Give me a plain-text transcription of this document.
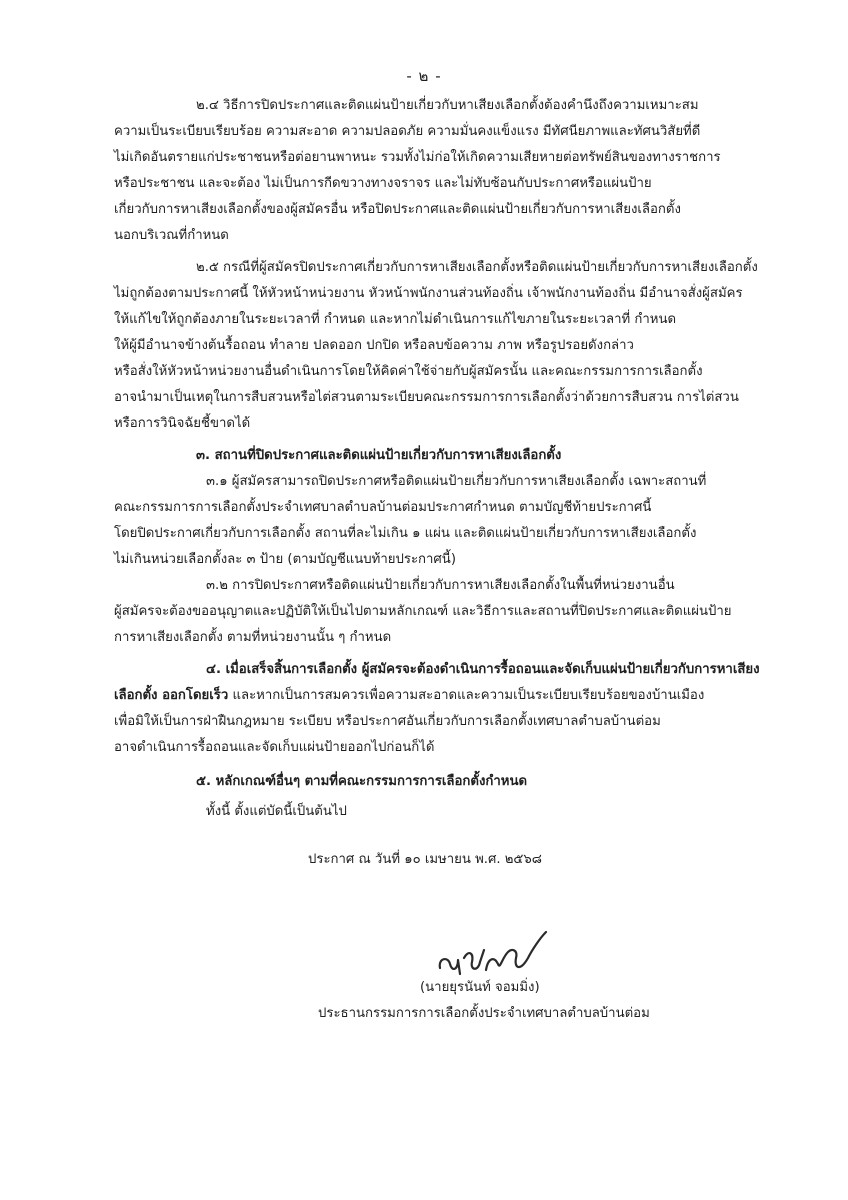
- ๒ -
๒.๔ วิธีการปิดประกาศและติดแผ่นป้ายเกี่ยวกับหาเสียงเลือกตั้งต้องคำนึงถึงความเหมาะสม
ความเป็นระเบียบเรียบร้อย ความสะอาด ความปลอดภัย ความมั่นคงแข็งแรง มีทัศนียภาพและทัศนวิสัยที่ดี
ไม่เกิดอันตรายแก่ประชาชนหรือต่อยานพาหนะ รวมทั้งไม่ก่อให้เกิดความเสียหายต่อทรัพย์สินของทางราชการ
หรือประชาชน และจะต้อง ไม่เป็นการกีดขวางทางจราจร และไม่ทับซ้อนกับประกาศหรือแผ่นป้าย
เกี่ยวกับการหาเสียงเลือกตั้งของผู้สมัครอื่น หรือปิดประกาศและติดแผ่นป้ายเกี่ยวกับการหาเสียงเลือกตั้ง
นอกบริเวณที่กำหนด
๒.๕ กรณีที่ผู้สมัครปิดประกาศเกี่ยวกับการหาเสียงเลือกตั้งหรือติดแผ่นป้ายเกี่ยวกับการหาเสียงเลือกตั้ง
ไม่ถูกต้องตามประกาศนี้ ให้หัวหน้าหน่วยงาน หัวหน้าพนักงานส่วนท้องถิ่น เจ้าพนักงานท้องถิ่น มีอำนาจสั่งผู้สมัคร
ให้แก้ไขให้ถูกต้องภายในระยะเวลาที่ กำหนด และหากไม่ดำเนินการแก้ไขภายในระยะเวลาที่ กำหนด
ให้ผู้มีอำนาจข้างต้นรื้อถอน ทำลาย ปลดออก ปกปิด หรือลบข้อความ ภาพ หรือรูปรอยดังกล่าว
หรือสั่งให้หัวหน้าหน่วยงานอื่นดำเนินการโดยให้คิดค่าใช้จ่ายกับผู้สมัครนั้น และคณะกรรมการการเลือกตั้ง
อาจนำมาเป็นเหตุในการสืบสวนหรือไต่สวนตามระเบียบคณะกรรมการการเลือกตั้งว่าด้วยการสืบสวน การไต่สวน
หรือการวินิจฉัยชี้ขาดได้
๓. สถานที่ปิดประกาศและติดแผ่นป้ายเกี่ยวกับการหาเสียงเลือกตั้ง
๓.๑ ผู้สมัครสามารถปิดประกาศหรือติดแผ่นป้ายเกี่ยวกับการหาเสียงเลือกตั้ง เฉพาะสถานที่
คณะกรรมการการเลือกตั้งประจำเทศบาลตำบลบ้านต่อมประกาศกำหนด ตามบัญชีท้ายประกาศนี้
โดยปิดประกาศเกี่ยวกับการเลือกตั้ง สถานที่ละไม่เกิน ๑ แผ่น และติดแผ่นป้ายเกี่ยวกับการหาเสียงเลือกตั้ง
ไม่เกินหน่วยเลือกตั้งละ ๓ ป้าย (ตามบัญชีแนบท้ายประกาศนี้)
๓.๒ การปิดประกาศหรือติดแผ่นป้ายเกี่ยวกับการหาเสียงเลือกตั้งในพื้นที่หน่วยงานอื่น
ผู้สมัครจะต้องขออนุญาตและปฏิบัติให้เป็นไปตามหลักเกณฑ์ และวิธีการและสถานที่ปิดประกาศและติดแผ่นป้าย
การหาเสียงเลือกตั้ง ตามที่หน่วยงานนั้น ๆ กำหนด
๔. เมื่อเสร็จสิ้นการเลือกตั้ง ผู้สมัครจะต้องดำเนินการรื้อถอนและจัดเก็บแผ่นป้ายเกี่ยวกับการหาเสียง
เลือกตั้ง ออกโดยเร็ว และหากเป็นการสมควรเพื่อความสะอาดและความเป็นระเบียบเรียบร้อยของบ้านเมือง
เพื่อมิให้เป็นการฝ่าฝืนกฎหมาย ระเบียบ หรือประกาศอันเกี่ยวกับการเลือกตั้งเทศบาลตำบลบ้านต่อม
อาจดำเนินการรื้อถอนและจัดเก็บแผ่นป้ายออกไปก่อนก็ได้
๕. หลักเกณฑ์อื่นๆ ตามที่คณะกรรมการการเลือกตั้งกำหนด
ทั้งนี้ ตั้งแต่บัดนี้เป็นต้นไป
ประกาศ ณ วันที่ ๑๐ เมษายน พ.ศ. ๒๕๖๘
(นายยุรนันท์ จอมมิ่ง)
ประธานกรรมการการเลือกตั้งประจำเทศบาลตำบลบ้านต่อม
